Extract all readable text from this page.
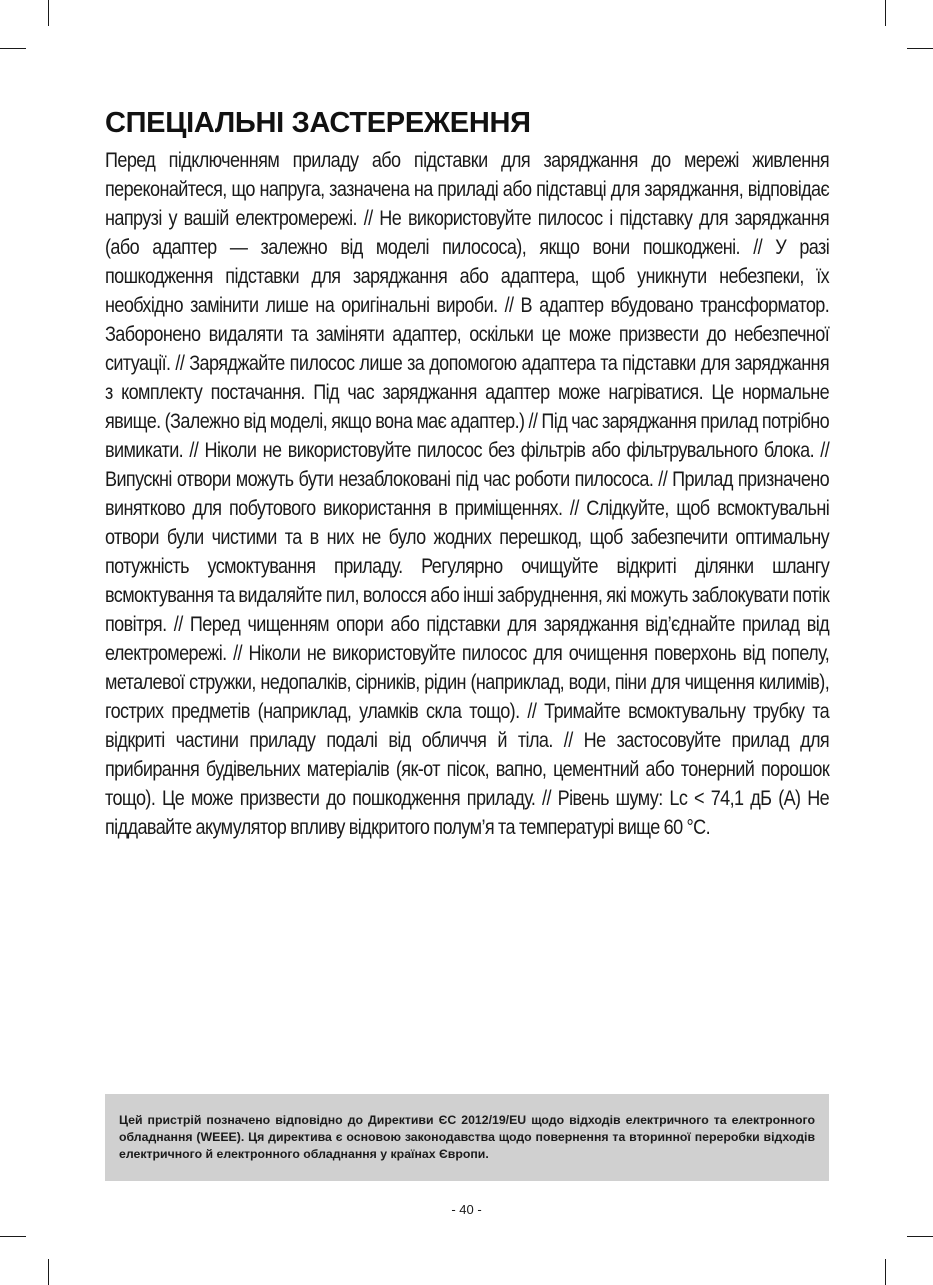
СПЕЦІАЛЬНІ ЗАСТЕРЕЖЕННЯ

Перед підключенням приладу або підставки для заряджання до мережі живлення переконайтеся, що напруга, зазначена на приладі або підставці для заряджання, відповідає напрузі у вашій електромережі. // Не використовуйте пилосос і підставку для заряджання (або адаптер — залежно від моделі пилососа), якщо вони пошкоджені. // У разі пошкодження підставки для заряджання або адаптера, щоб уникнути небезпеки, їх необхідно замінити лише на оригінальні вироби. // В адаптер вбудовано трансформатор. Заборонено видаляти та заміняти адаптер, оскільки це може призвести до небезпечної ситуації. // Заряджайте пилосос лише за допомогою адаптера та підставки для заряджання з комплекту постачання. Під час заряджання адаптер може нагріватися. Це нормальне явище. (Залежно від моделі, якщо вона має адаптер.) // Під час заряджання прилад потрібно вимикати. // Ніколи не використовуйте пилосос без фільтрів або фільтрувального блока. // Випускні отвори можуть бути незаблоковані під час роботи пилососа. // Прилад призначено винятково для побутового використання в приміщеннях. // Слідкуйте, щоб всмоктувальні отвори були чистими та в них не було жодних перешкод, щоб забезпечити оптимальну потужність усмоктування приладу. Регулярно очищуйте відкриті ділянки шлангу всмоктування та видаляйте пил, волосся або інші забруднення, які можуть заблокувати потік повітря. // Перед чищенням опори або підставки для заряджання від’єднайте прилад від електромережі. // Ніколи не використовуйте пилосос для очищення поверхонь від попелу, металевої стружки, недопалків, сірників, рідин (наприклад, води, піни для чищення килимів), гострих предметів (наприклад, уламків скла тощо). // Тримайте всмоктувальну трубку та відкриті частини приладу подалі від обличчя й тіла. // Не застосовуйте прилад для прибирання будівельних матеріалів (як-от пісок, вапно, цементний або тонерний порошок тощо). Це може призвести до пошкодження приладу. // Рівень шуму: Lc < 74,1 дБ (А) Не піддавайте акумулятор впливу відкритого полум’я та температурі вище 60 °С.

Цей пристрій позначено відповідно до Директиви ЄС 2012/19/EU щодо відходів електричного та електронного обладнання (WEEE). Ця директива є основою законодавства щодо повернення та вторинної переробки відходів електричного й електронного обладнання у країнах Європи.

- 40 -
